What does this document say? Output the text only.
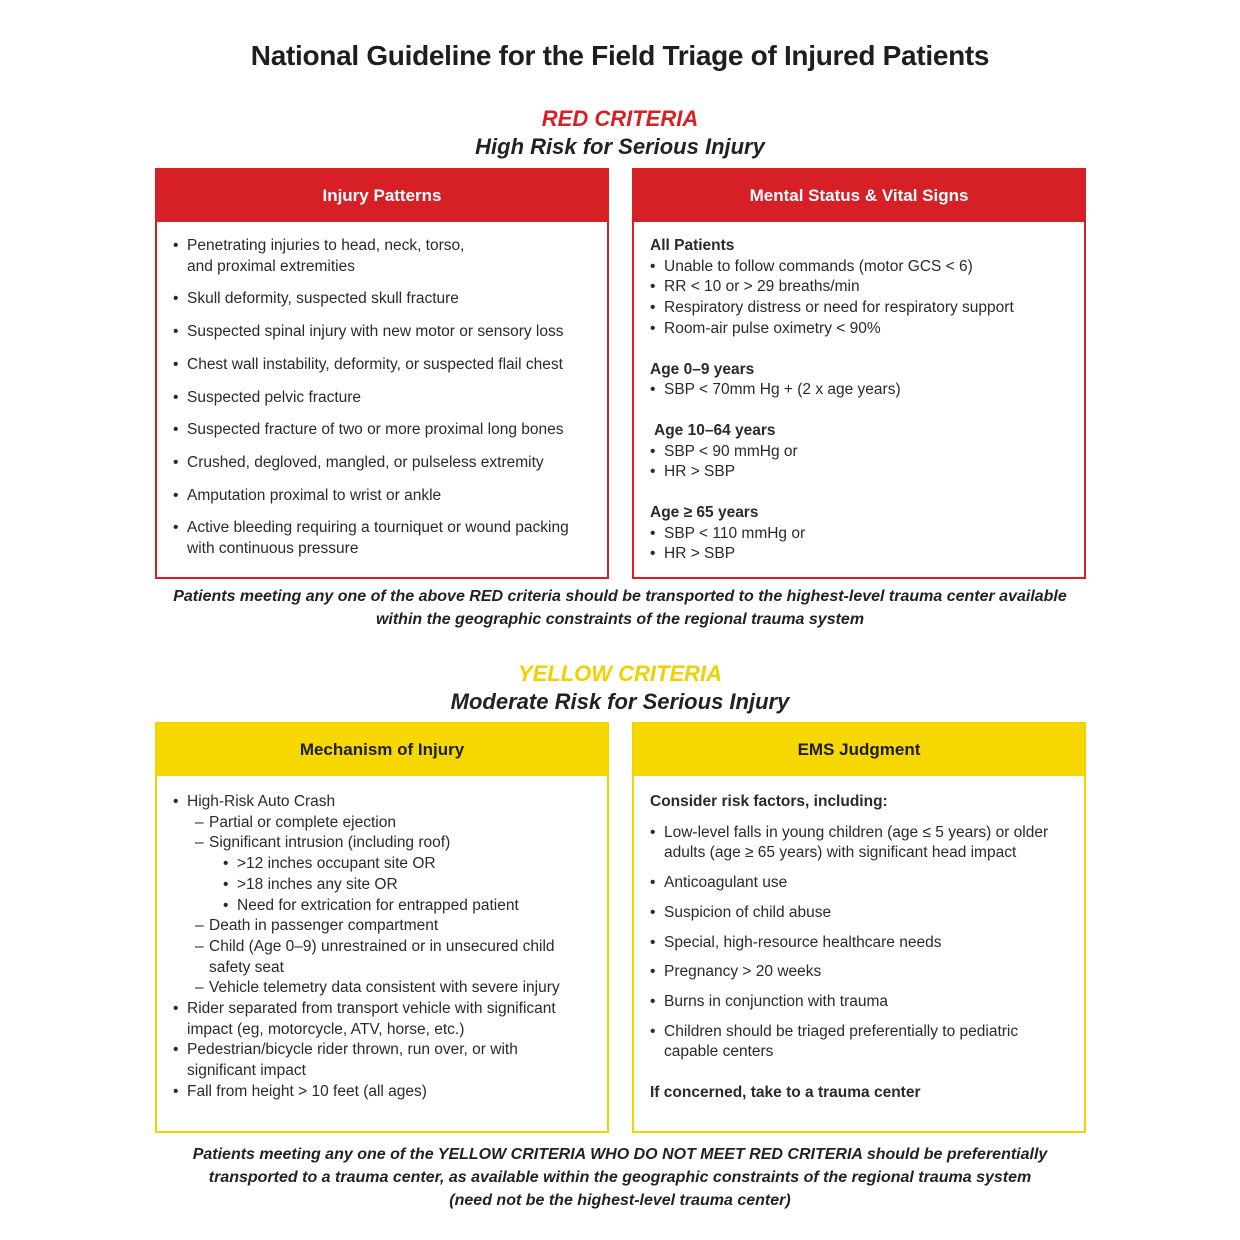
National Guideline for the Field Triage of Injured Patients
RED CRITERIA
High Risk for Serious Injury
Injury Patterns
• Penetrating injuries to head, neck, torso,
and proximal extremities
• Skull deformity, suspected skull fracture
• Suspected spinal injury with new motor or sensory loss
• Chest wall instability, deformity, or suspected flail chest
• Suspected pelvic fracture
• Suspected fracture of two or more proximal long bones
• Crushed, degloved, mangled, or pulseless extremity
• Amputation proximal to wrist or ankle
• Active bleeding requiring a tourniquet or wound packing
with continuous pressure
Mental Status & Vital Signs
All Patients
• Unable to follow commands (motor GCS < 6)
• RR < 10 or > 29 breaths/min
• Respiratory distress or need for respiratory support
• Room-air pulse oximetry < 90%
Age 0–9 years
• SBP < 70mm Hg + (2 x age years)
Age 10–64 years
• SBP < 90 mmHg or
• HR > SBP
Age ≥ 65 years
• SBP < 110 mmHg or
• HR > SBP
Patients meeting any one of the above RED criteria should be transported to the highest-level trauma center available
within the geographic constraints of the regional trauma system
YELLOW CRITERIA
Moderate Risk for Serious Injury
Mechanism of Injury
• High-Risk Auto Crash
– Partial or complete ejection
– Significant intrusion (including roof)
• >12 inches occupant site OR
• >18 inches any site OR
• Need for extrication for entrapped patient
– Death in passenger compartment
– Child (Age 0–9) unrestrained or in unsecured child
safety seat
– Vehicle telemetry data consistent with severe injury
• Rider separated from transport vehicle with significant
impact (eg, motorcycle, ATV, horse, etc.)
• Pedestrian/bicycle rider thrown, run over, or with
significant impact
• Fall from height > 10 feet (all ages)
EMS Judgment
Consider risk factors, including:
• Low-level falls in young children (age ≤ 5 years) or older
adults (age ≥ 65 years) with significant head impact
• Anticoagulant use
• Suspicion of child abuse
• Special, high-resource healthcare needs
• Pregnancy > 20 weeks
• Burns in conjunction with trauma
• Children should be triaged preferentially to pediatric
capable centers
If concerned, take to a trauma center
Patients meeting any one of the YELLOW CRITERIA WHO DO NOT MEET RED CRITERIA should be preferentially
transported to a trauma center, as available within the geographic constraints of the regional trauma system
(need not be the highest-level trauma center)
